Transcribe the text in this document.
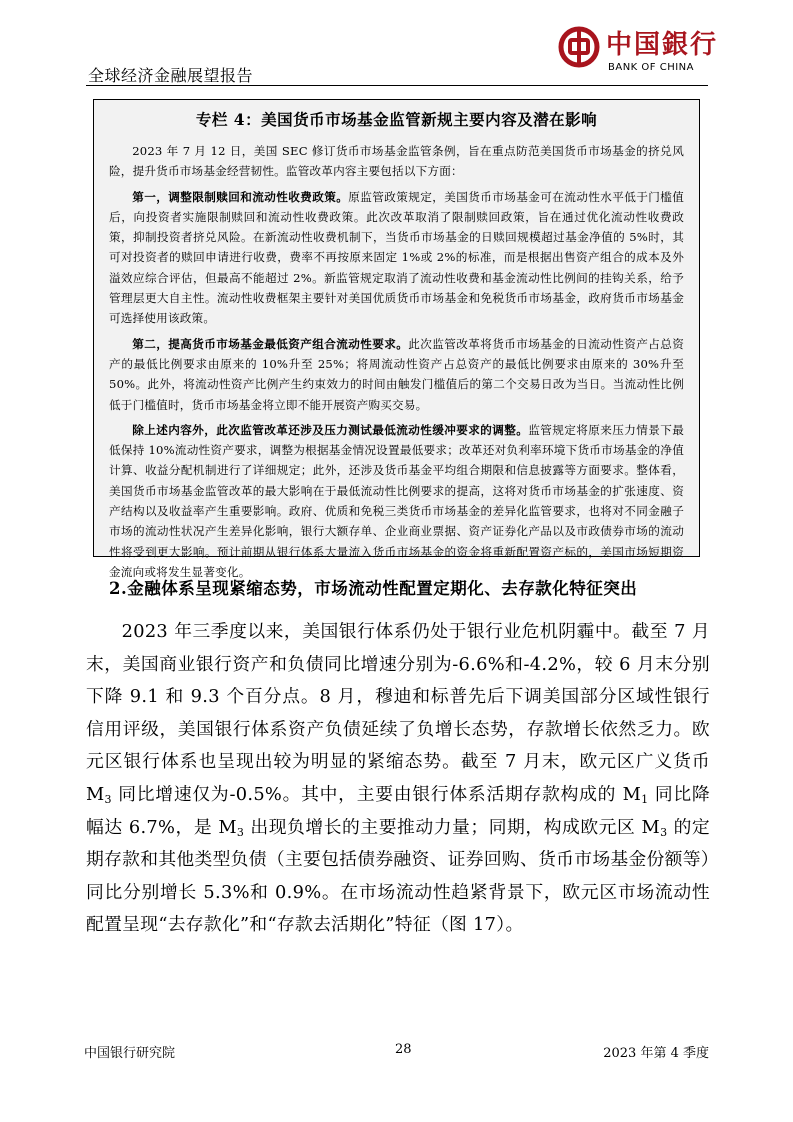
全球经济金融展望报告
中国銀行
BANK OF CHINA
专栏 4：美国货币市场基金监管新规主要内容及潜在影响

2023 年 7 月 12 日，美国 SEC 修订货币市场基金监管条例，旨在重点防范美国货币市场基金的挤兑风险，提升货币市场基金经营韧性。监管改革内容主要包括以下方面：

第一，调整限制赎回和流动性收费政策。原监管政策规定，美国货币市场基金可在流动性水平低于门槛值后，向投资者实施限制赎回和流动性收费政策。此次改革取消了限制赎回政策，旨在通过优化流动性收费政策，抑制投资者挤兑风险。在新流动性收费机制下，当货币市场基金的日赎回规模超过基金净值的 5%时，其可对投资者的赎回申请进行收费，费率不再按原来固定 1%或 2%的标准，而是根据出售资产组合的成本及外溢效应综合评估，但最高不能超过 2%。新监管规定取消了流动性收费和基金流动性比例间的挂钩关系，给予管理层更大自主性。流动性收费框架主要针对美国优质货币市场基金和免税货币市场基金，政府货币市场基金可选择使用该政策。

第二，提高货币市场基金最低资产组合流动性要求。此次监管改革将货币市场基金的日流动性资产占总资产的最低比例要求由原来的 10%升至 25%；将周流动性资产占总资产的最低比例要求由原来的 30%升至 50%。此外，将流动性资产比例产生约束效力的时间由触发门槛值后的第二个交易日改为当日。当流动性比例低于门槛值时，货币市场基金将立即不能开展资产购买交易。

除上述内容外，此次监管改革还涉及压力测试最低流动性缓冲要求的调整。监管规定将原来压力情景下最低保持 10%流动性资产要求，调整为根据基金情况设置最低要求；改革还对负利率环境下货币市场基金的净值计算、收益分配机制进行了详细规定；此外，还涉及货币基金平均组合期限和信息披露等方面要求。整体看，美国货币市场基金监管改革的最大影响在于最低流动性比例要求的提高，这将对货币市场基金的扩张速度、资产结构以及收益率产生重要影响。政府、优质和免税三类货币市场基金的差异化监管要求，也将对不同金融子市场的流动性状况产生差异化影响，银行大额存单、企业商业票据、资产证券化产品以及市政债券市场的流动性将受到更大影响。预计前期从银行体系大量流入货币市场基金的资金将重新配置资产标的，美国市场短期资金流向或将发生显著变化。

2.金融体系呈现紧缩态势，市场流动性配置定期化、去存款化特征突出

2023 年三季度以来，美国银行体系仍处于银行业危机阴霾中。截至 7 月末，美国商业银行资产和负债同比增速分别为-6.6%和-4.2%，较 6 月末分别下降 9.1 和 9.3 个百分点。8 月，穆迪和标普先后下调美国部分区域性银行信用评级，美国银行体系资产负债延续了负增长态势，存款增长依然乏力。欧元区银行体系也呈现出较为明显的紧缩态势。截至 7 月末，欧元区广义货币 $M_3$ 同比增速仅为-0.5%。其中，主要由银行体系活期存款构成的 $M_1$ 同比降幅达 6.7%，是 $M_3$ 出现负增长的主要推动力量；同期，构成欧元区 $M_3$ 的定期存款和其他类型负债（主要包括债券融资、证券回购、货币市场基金份额等）同比分别增长 5.3%和 0.9%。在市场流动性趋紧背景下，欧元区市场流动性配置呈现“去存款化”和“存款去活期化”特征（图 17）。

中国银行研究院	28	2023 年第 4 季度
